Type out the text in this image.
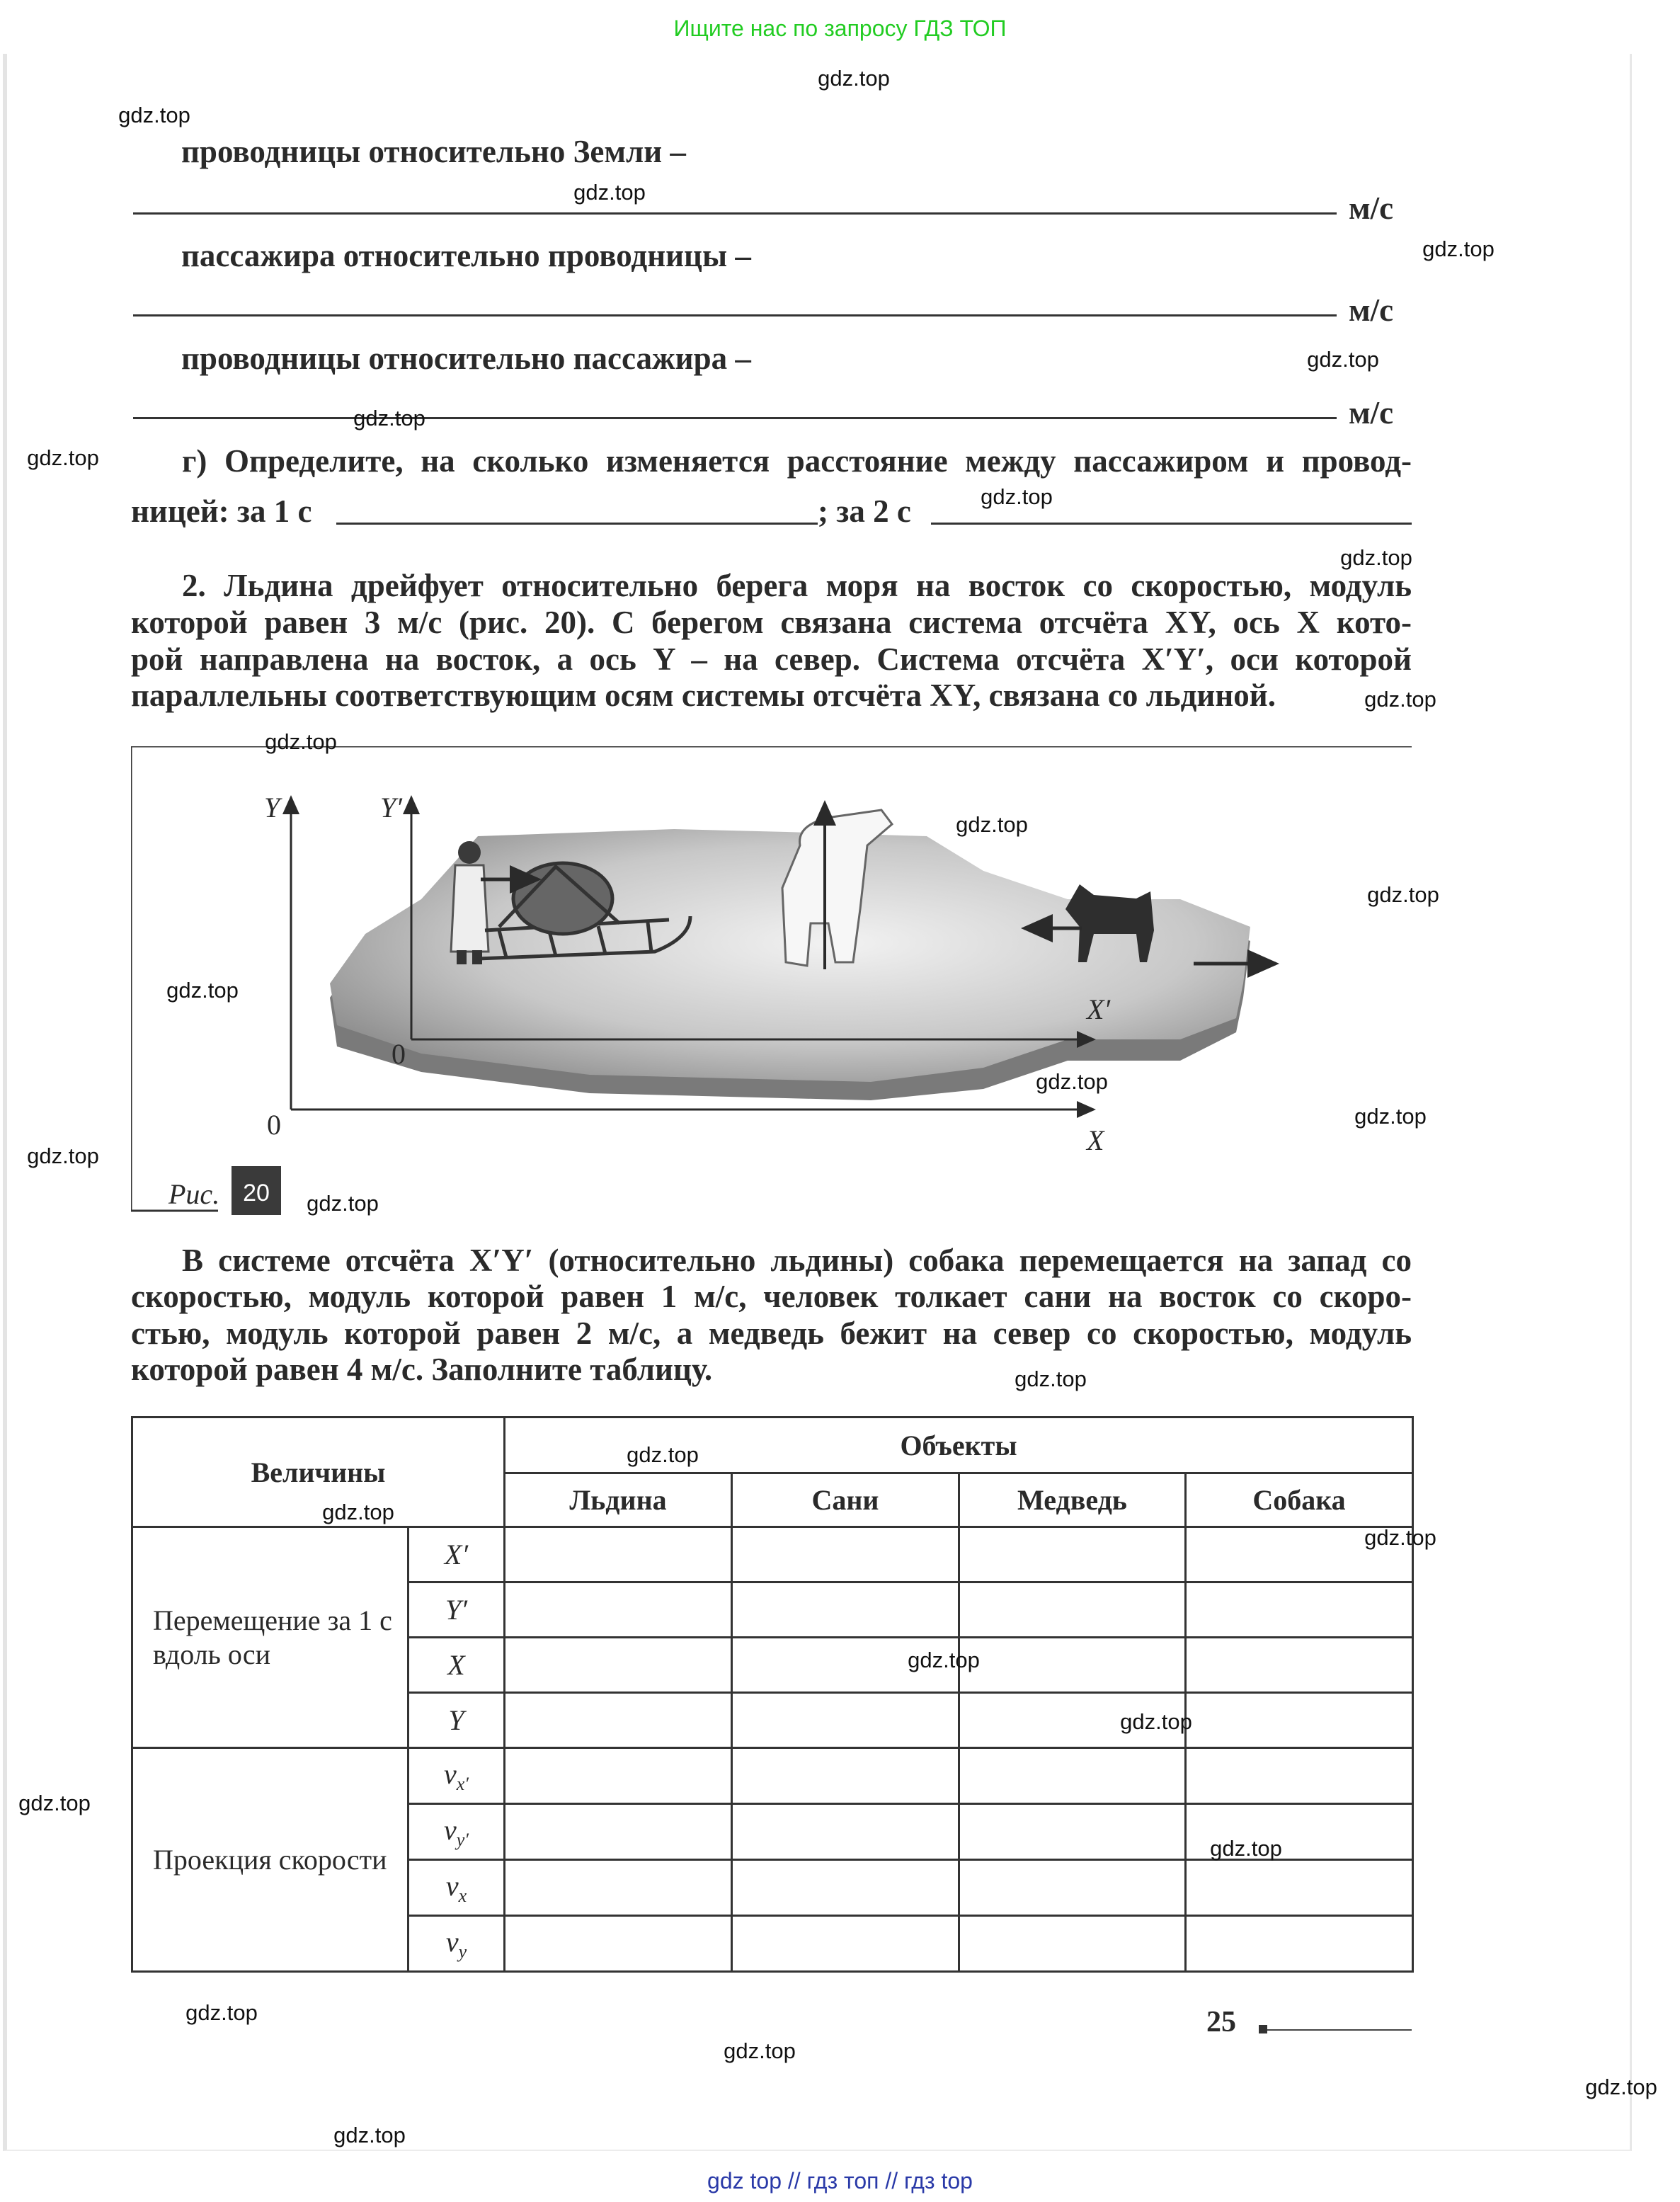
Ищите нас по запросу ГДЗ ТОП
проводницы относительно Земли –
м/с
пассажира относительно проводницы –
м/с
проводницы относительно пассажира –
м/с
г) Определите, на сколько изменяется расстояние между пассажиром и провод-
ницей: за 1 с	; за 2 с
2. Льдина дрейфует относительно берега моря на восток со скоростью, модуль
которой равен 3 м/с (рис. 20). С берегом связана система отсчёта XY, ось X кото-
рой направлена на восток, а ось Y – на север. Система отсчёта X′Y′, оси которой
параллельны соответствующим осям системы отсчёта XY, связана со льдиной.
Y	Y′
X′
X
0
0
Рис. 20
В системе отсчёта X′Y′ (относительно льдины) собака перемещается на запад со
скоростью, модуль которой равен 1 м/с, человек толкает сани на восток со скоро-
стью, модуль которой равен 2 м/с, а медведь бежит на север со скоростью, модуль
которой равен 4 м/с. Заполните таблицу.
Величины		Объекты			
		Льдина	Сани	Медведь	Собака
Перемещение за 1 с вдоль оси	X′				
	Y′				
	X				
	Y				
Проекция скорости	$v_{x'}$				
	$v_{y'}$				
	$v_x$				
	$v_y$				
25
gdz top // гдз топ // гдз top
gdz.top
gdz.top
gdz.top
gdz.top
gdz.top
gdz.top
gdz.top
gdz.top
gdz.top
gdz.top
gdz.top
gdz.top
gdz.top
gdz.top
gdz.top
gdz.top
gdz.top
gdz.top
gdz.top
gdz.top
gdz.top
gdz.top
gdz.top
gdz.top
gdz.top
gdz.top
gdz.top
gdz.top
gdz.top
gdz.top
